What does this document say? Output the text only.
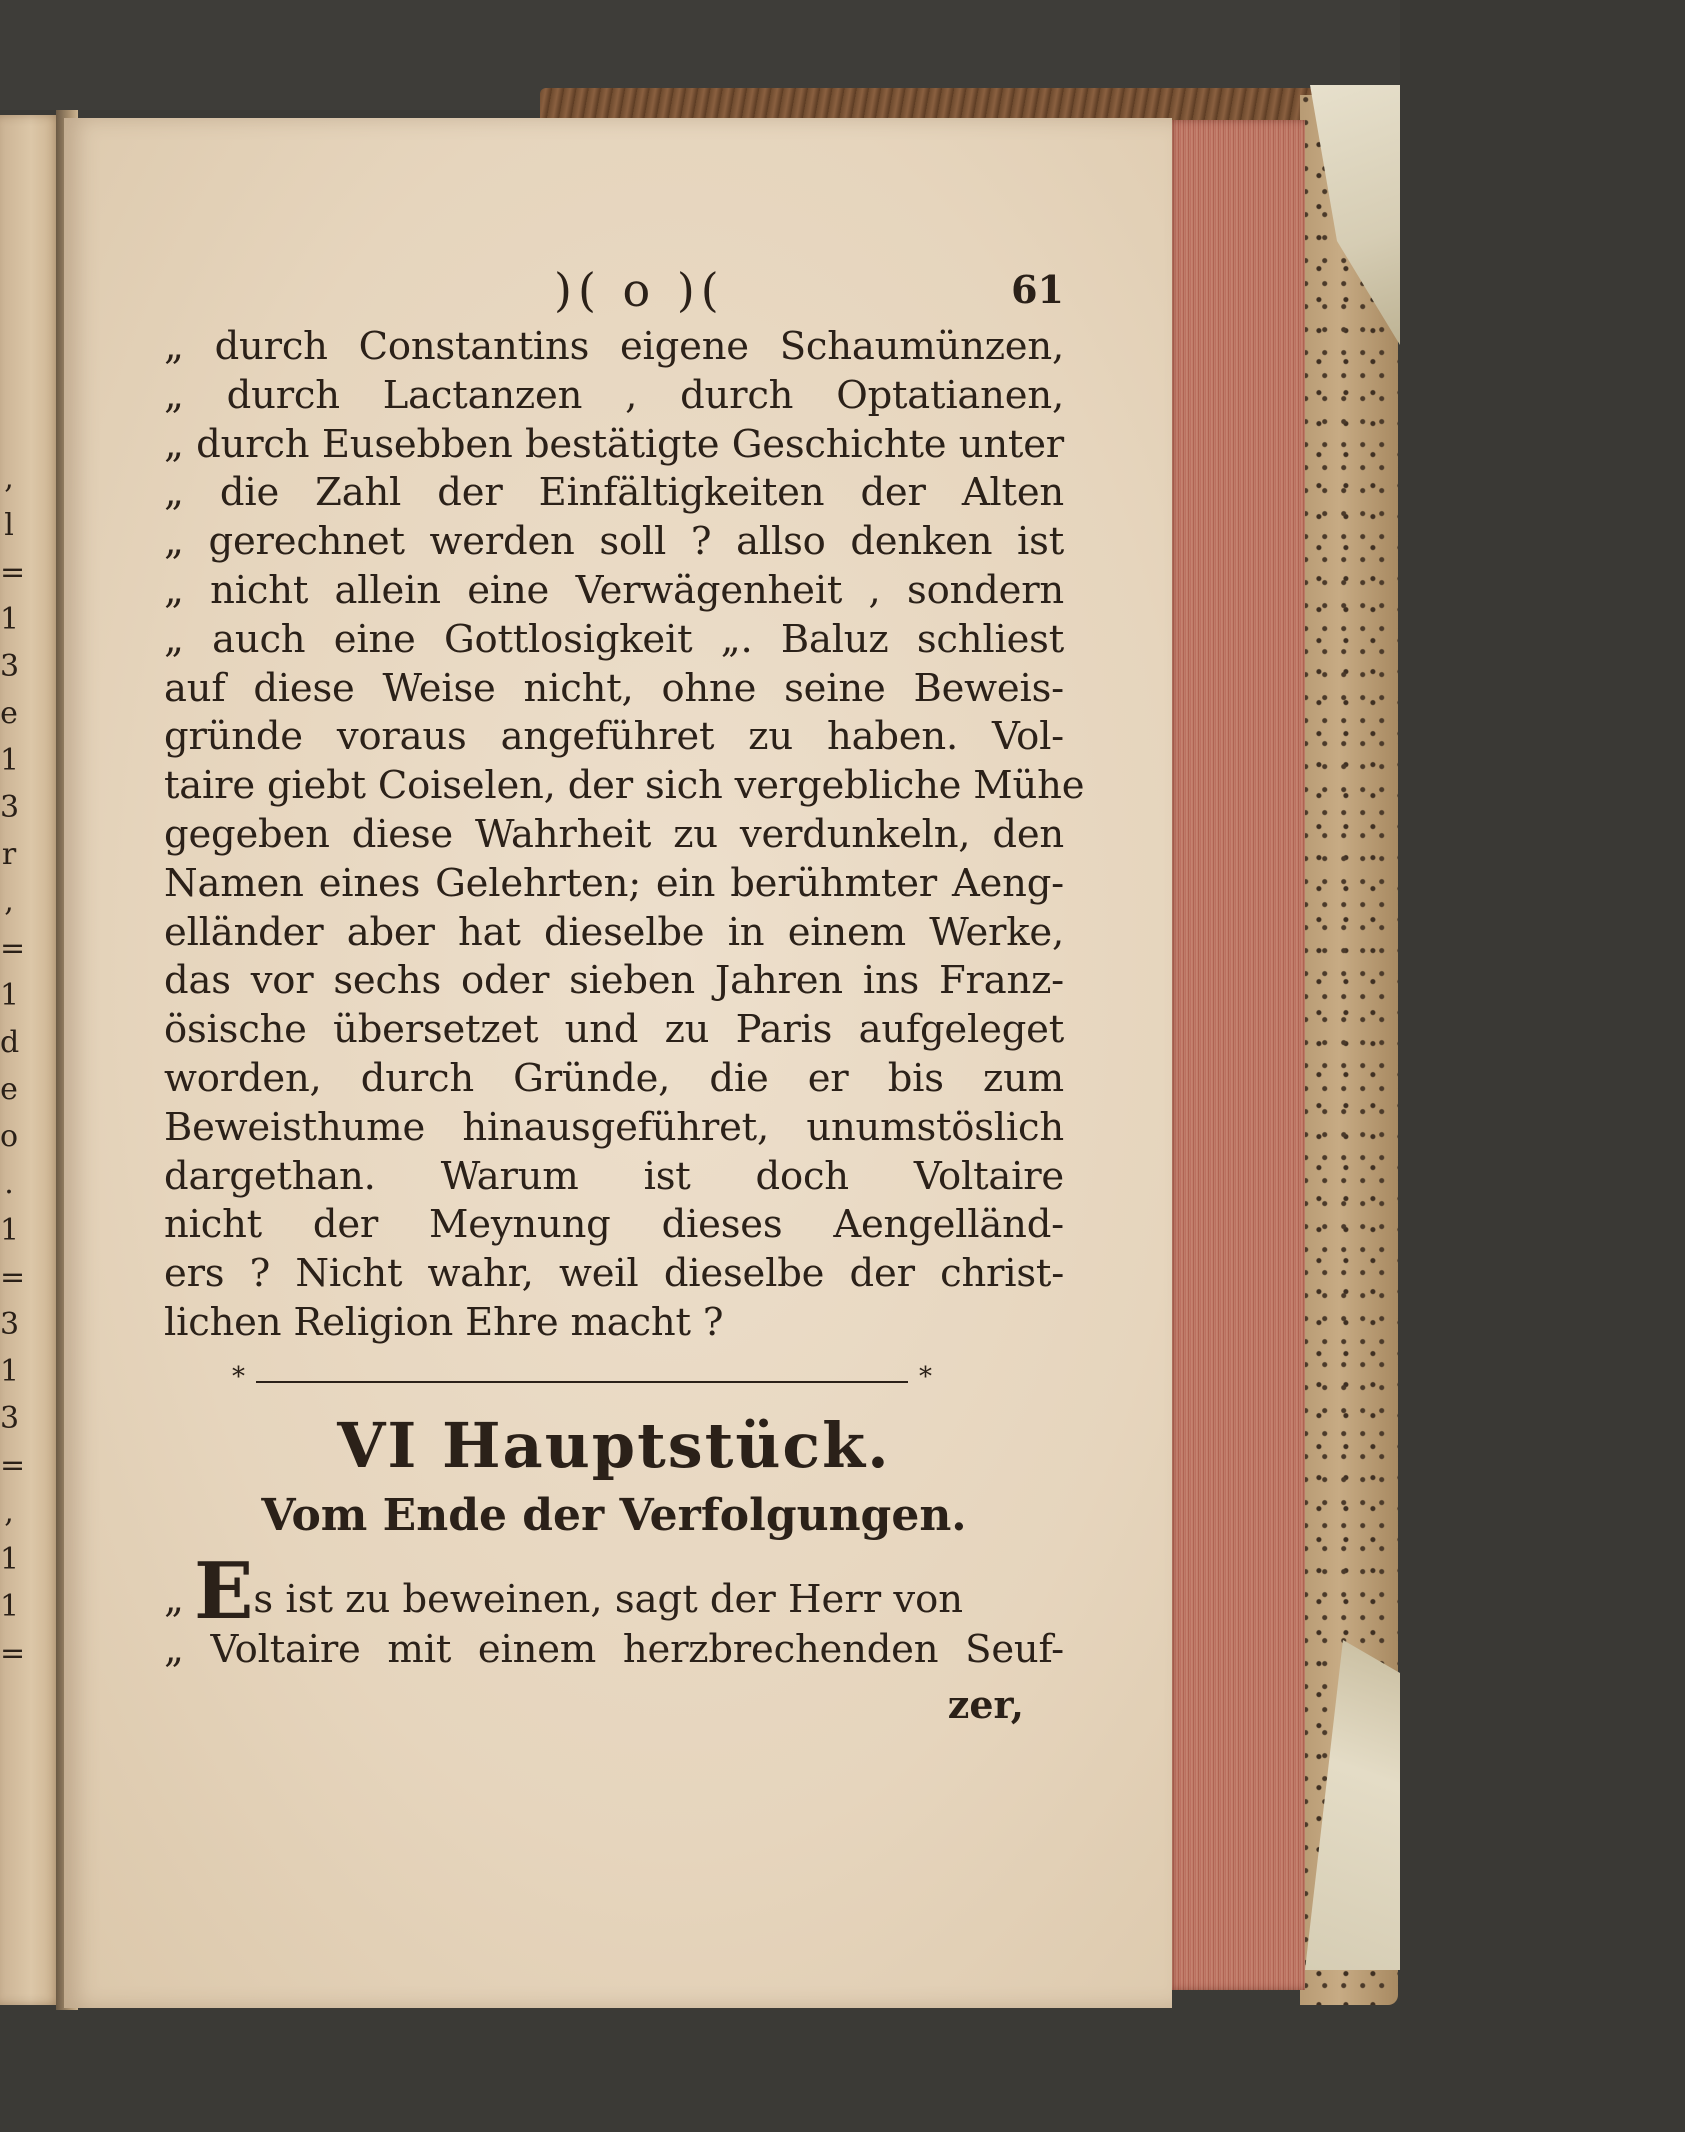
,
l
=
1
3
e
1
3
r
,
=
1
d
e
o
.
1
=
3
1
3
=
,
1
1
=
)( o )(	61
„ durch Constantins eigene Schaumünzen,
„ durch Lactanzen , durch Optatianen,
„ durch Eusebben bestätigte Geschichte unter
„ die Zahl der Einfältigkeiten der Alten
„ gerechnet werden soll ? allso denken ist
„ nicht allein eine Verwägenheit , sondern
„ auch eine Gottlosigkeit „. Baluz schliest
auf diese Weise nicht, ohne seine Beweis-
gründe voraus angeführet zu haben. Vol-
taire giebt Coiselen, der sich vergebliche Mühe
gegeben diese Wahrheit zu verdunkeln, den
Namen eines Gelehrten; ein berühmter Aeng-
elländer aber hat dieselbe in einem Werke,
das vor sechs oder sieben Jahren ins Franz-
ösische übersetzet und zu Paris aufgeleget
worden, durch Gründe, die er bis zum
Beweisthume hinausgeführet, unumstöslich
dargethan. Warum ist doch Voltaire
nicht der Meynung dieses Aengelländ-
ers ? Nicht wahr, weil dieselbe der christ-
lichen Religion Ehre macht ?
*	*
VI Hauptstück.
Vom Ende der Verfolgungen.
„ Es ist zu beweinen, sagt der Herr von
„ Voltaire mit einem herzbrechenden Seuf-
zer,
